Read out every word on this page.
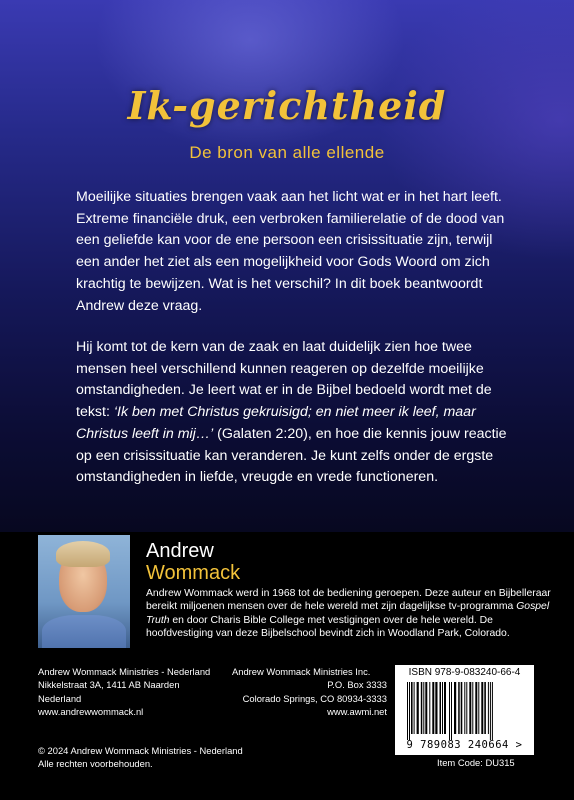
Ik-gerichtheid
De bron van alle ellende

Moeilijke situaties brengen vaak aan het licht wat er in het hart leeft. Extreme financiële druk, een verbroken familierelatie of de dood van een geliefde kan voor de ene persoon een crisissituatie zijn, terwijl een ander het ziet als een mogelijkheid voor Gods Woord om zich krachtig te bewijzen. Wat is het verschil? In dit boek beantwoordt Andrew deze vraag.

Hij komt tot de kern van de zaak en laat duidelijk zien hoe twee mensen heel verschillend kunnen reageren op dezelfde moeilijke omstandigheden. Je leert wat er in de Bijbel bedoeld wordt met de tekst: ‘Ik ben met Christus gekruisigd; en niet meer ik leef, maar Christus leeft in mij…’ (Galaten 2:20), en hoe die kennis jouw reactie op een crisissituatie kan veranderen. Je kunt zelfs onder de ergste omstandigheden in liefde, vreugde en vrede functioneren.

Andrew
Wommack

Andrew Wommack werd in 1968 tot de bediening geroepen. Deze auteur en Bijbelleraar bereikt miljoenen mensen over de hele wereld met zijn dagelijkse tv-programma Gospel Truth en door Charis Bible College met vestigingen over de hele wereld. De hoofdvestiging van deze Bijbelschool bevindt zich in Woodland Park, Colorado.

Andrew Wommack Ministries - Nederland
Nikkelstraat 3A, 1411 AB Naarden
Nederland
www.andrewwommack.nl
Andrew Wommack Ministries Inc.
P.O. Box 3333
Colorado Springs, CO 80934-3333
www.awmi.net
© 2024 Andrew Wommack Ministries - Nederland
Alle rechten voorbehouden.
ISBN 978-9-083240-66-4
9 789083 240664 >
Item Code: DU315
